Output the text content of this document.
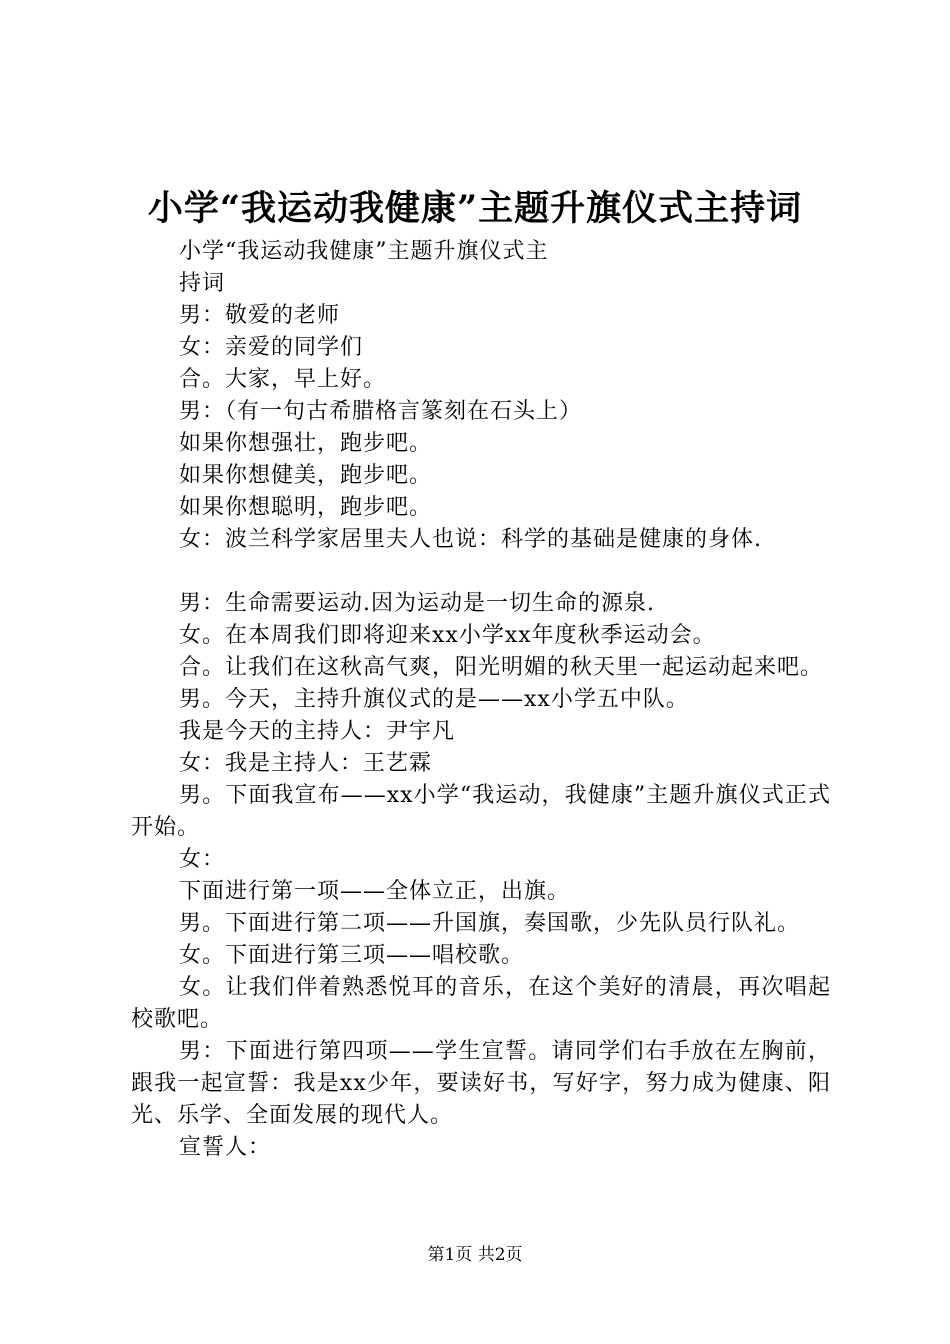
小学“我运动我健康”主题升旗仪式主持词

小学“我运动我健康”主题升旗仪式主

持词

男：敬爱的老师

女：亲爱的同学们

合。大家，早上好。

男：（有一句古希腊格言篆刻在石头上）

如果你想强壮，跑步吧。

如果你想健美，跑步吧。

如果你想聪明，跑步吧。

女：波兰科学家居里夫人也说：科学的基础是健康的身体.

男：生命需要运动.因为运动是一切生命的源泉.

女。在本周我们即将迎来xx小学xx年度秋季运动会。

合。让我们在这秋高气爽，阳光明媚的秋天里一起运动起来吧。

男。今天，主持升旗仪式的是——xx小学五中队。

我是今天的主持人：尹宇凡

女：我是主持人：王艺霖

男。下面我宣布——xx小学“我运动，我健康”主题升旗仪式正式开始。

女：

下面进行第一项——全体立正，出旗。

男。下面进行第二项——升国旗，奏国歌，少先队员行队礼。

女。下面进行第三项——唱校歌。

女。让我们伴着熟悉悦耳的音乐，在这个美好的清晨，再次唱起校歌吧。

男：下面进行第四项——学生宣誓。请同学们右手放在左胸前，跟我一起宣誓：我是xx少年，要读好书，写好字，努力成为健康、阳光、乐学、全面发展的现代人。

宣誓人：

第1页 共2页
